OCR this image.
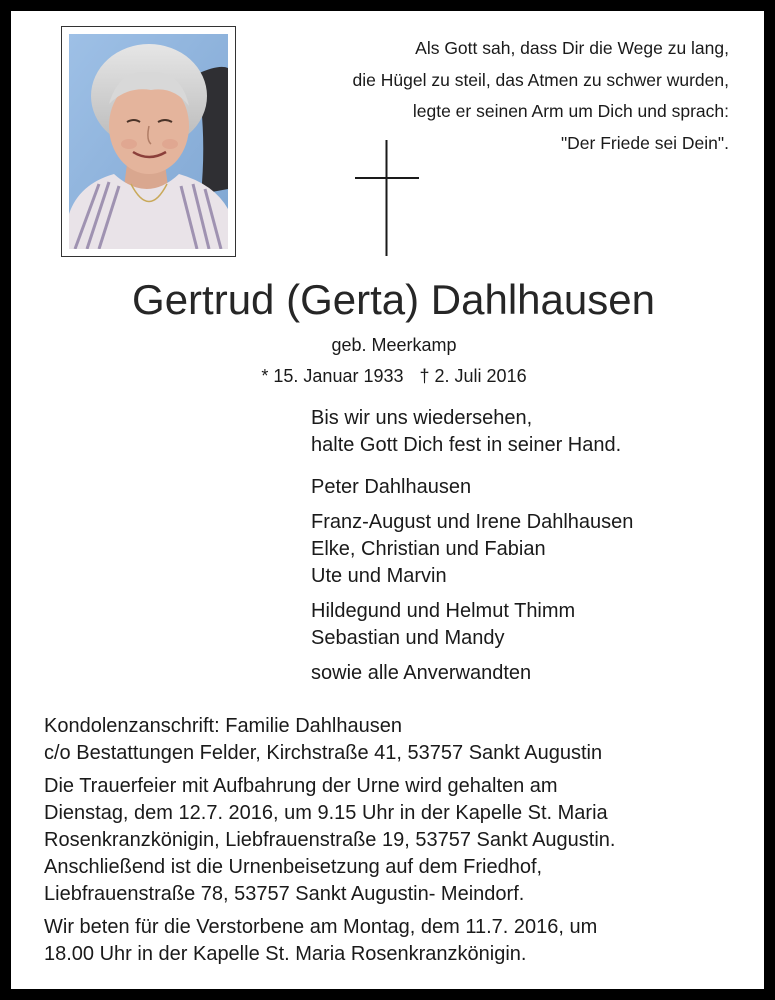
Als Gott sah, dass Dir die Wege zu lang,
die Hügel zu steil, das Atmen zu schwer wurden,
legte er seinen Arm um Dich und sprach:
"Der Friede sei Dein".
Gertrud (Gerta) Dahlhausen
geb. Meerkamp
* 15. Januar 1933 † 2. Juli 2016
Bis wir uns wiedersehen,
halte Gott Dich fest in seiner Hand.
Peter Dahlhausen
Franz-August und Irene Dahlhausen
Elke, Christian und Fabian
Ute und Marvin
Hildegund und Helmut Thimm
Sebastian und Mandy
sowie alle Anverwandten
Kondolenzanschrift: Familie Dahlhausen
c/o Bestattungen Felder, Kirchstraße 41, 53757 Sankt Augustin
Die Trauerfeier mit Aufbahrung der Urne wird gehalten am
Dienstag, dem 12.7. 2016, um 9.15 Uhr in der Kapelle St. Maria
Rosenkranzkönigin, Liebfrauenstraße 19, 53757 Sankt Augustin.
Anschließend ist die Urnenbeisetzung auf dem Friedhof,
Liebfrauenstraße 78, 53757 Sankt Augustin- Meindorf.
Wir beten für die Verstorbene am Montag, dem 11.7. 2016, um
18.00 Uhr in der Kapelle St. Maria Rosenkranzkönigin.
